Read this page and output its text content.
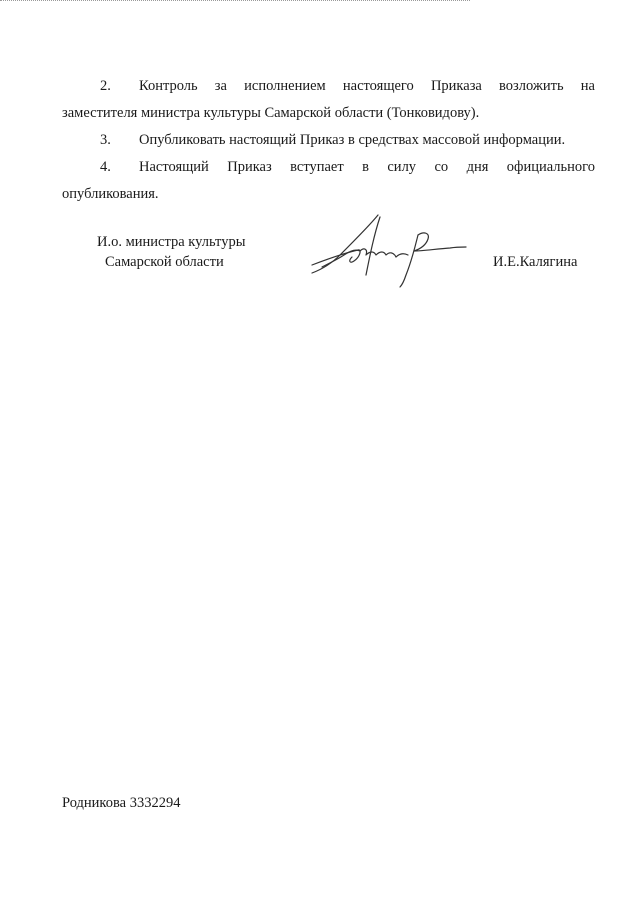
2.	Контроль за исполнением настоящего Приказа возложить на
заместителя министра культуры Самарской области (Тонковидову).
3.	Опубликовать настоящий Приказ в средствах массовой информации.
4.	Настоящий Приказ вступает в силу со дня официального
опубликования.
И.о. министра культуры
Самарской области	И.Е.Калягина
Родникова 3332294
